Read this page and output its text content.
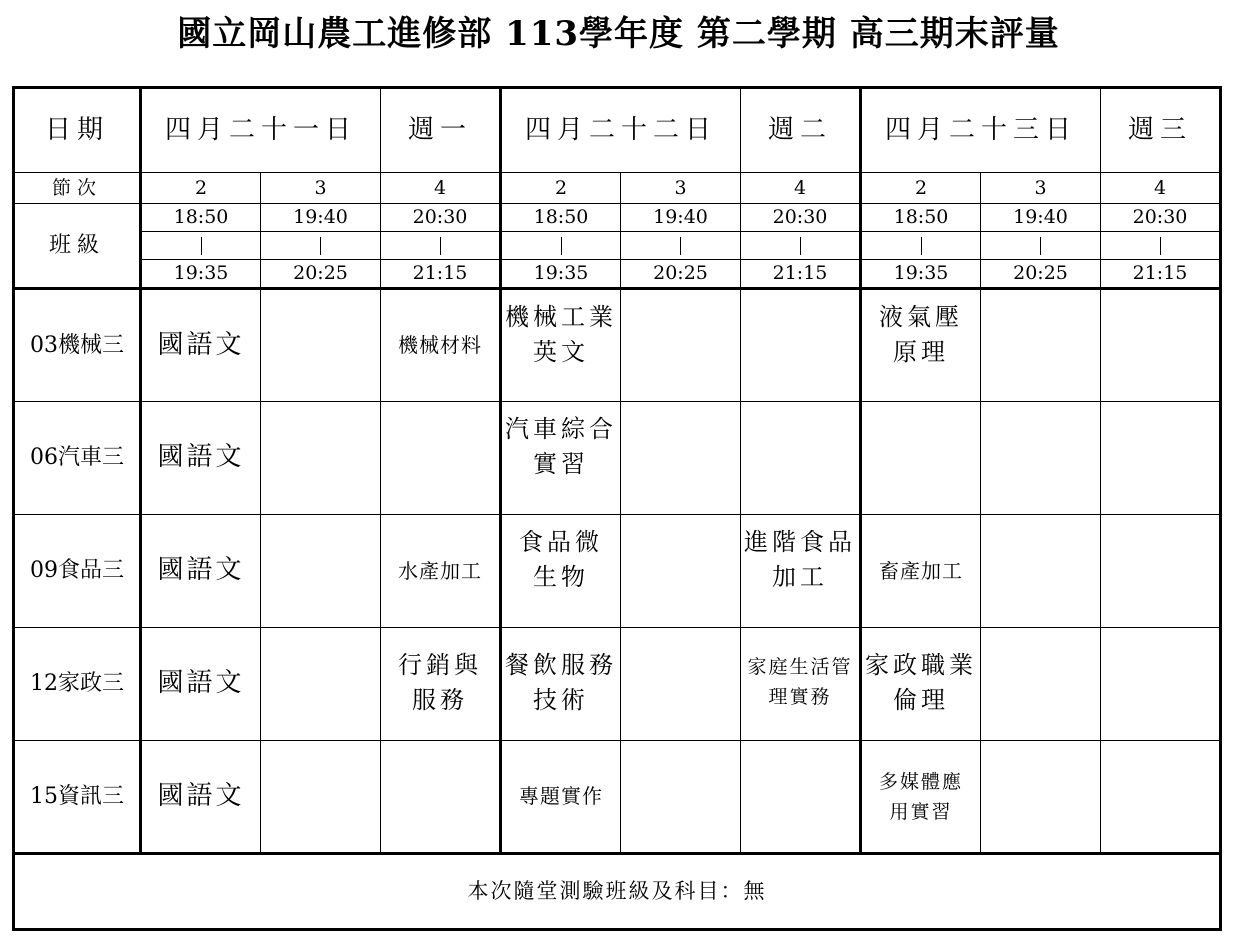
國立岡山農工進修部 113學年度 第二學期 高三期末評量
日期	四月二十一日		週一	四月二十二日		週二	四月二十三日		週三
節次	2	3	4	2	3	4	2	3	4
班級	18:50	19:40	20:30	18:50	19:40	20:30	18:50	19:40	20:30

	19:35	20:25	21:15	19:35	20:25	21:15	19:35	20:25	21:15
03機械三	國語文		機械材料	機械工業英文			液氣壓原理		
06汽車三	國語文			汽車綜合實習					
09食品三	國語文		水產加工	食品微生物		進階食品加工	畜產加工		
12家政三	國語文		行銷與服務	餐飲服務技術		家庭生活管理實務	家政職業倫理		
15資訊三	國語文			專題實作			多媒體應用實習		
本次隨堂測驗班級及科目：無									
